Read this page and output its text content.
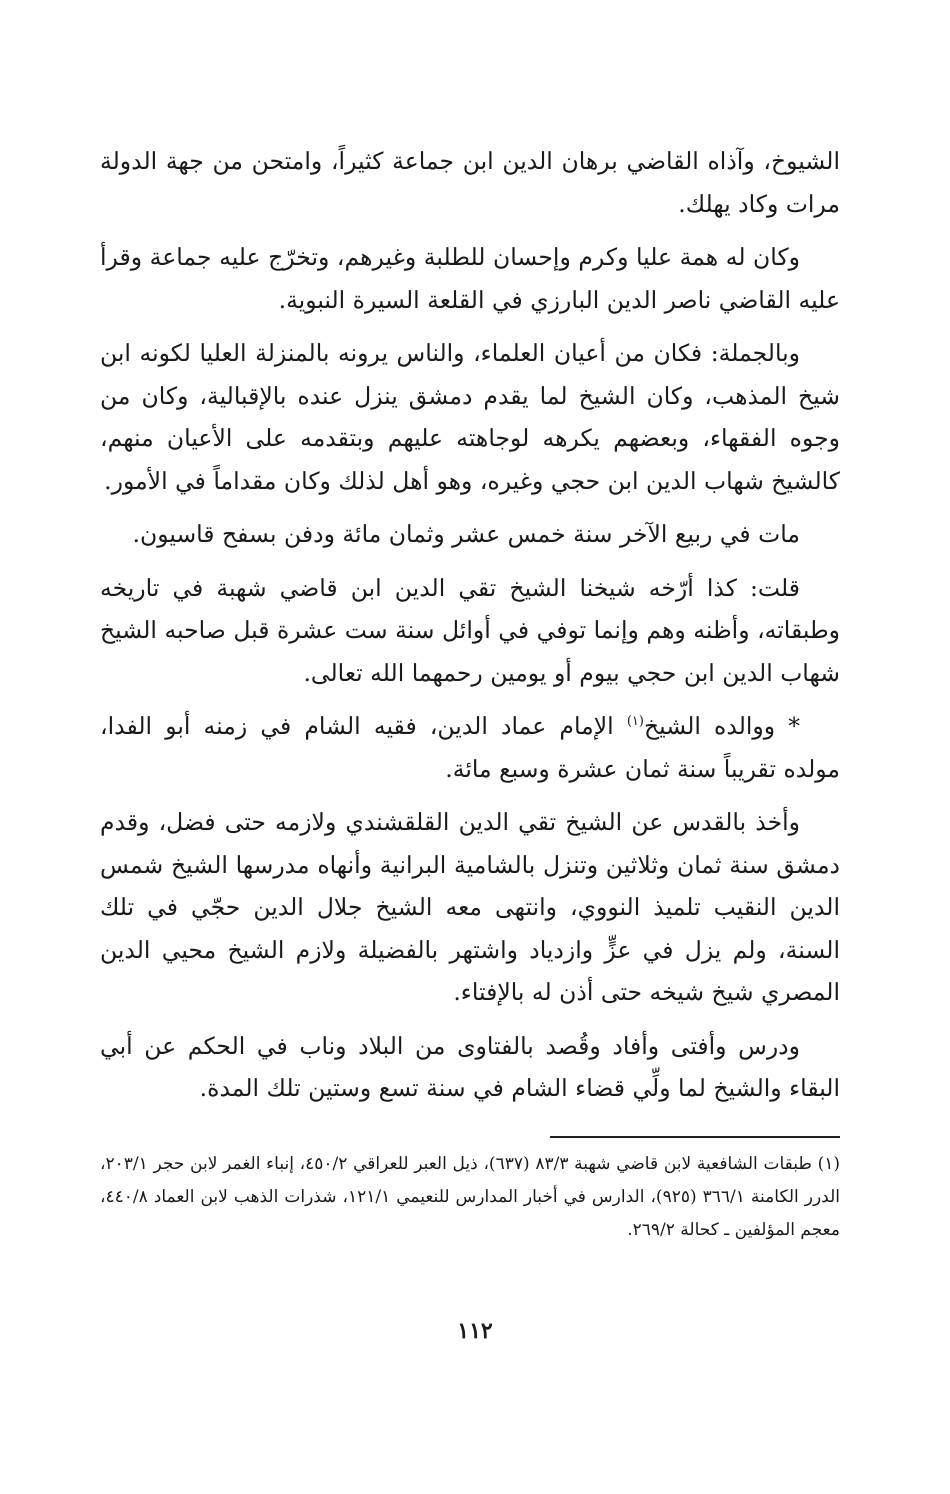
الشيوخ، وآذاه القاضي برهان الدين ابن جماعة كثيراً، وامتحن من جهة الدولة مرات وكاد يهلك.

وكان له همة عليا وكرم وإحسان للطلبة وغيرهم، وتخرّج عليه جماعة وقرأ عليه القاضي ناصر الدين البارزي في القلعة السيرة النبوية.

وبالجملة: فكان من أعيان العلماء، والناس يرونه بالمنزلة العليا لكونه ابن شيخ المذهب، وكان الشيخ لما يقدم دمشق ينزل عنده بالإقبالية، وكان من وجوه الفقهاء، وبعضهم يكرهه لوجاهته عليهم وبتقدمه على الأعيان منهم، كالشيخ شهاب الدين ابن حجي وغيره، وهو أهل لذلك وكان مقداماً في الأمور.

مات في ربيع الآخر سنة خمس عشر وثمان مائة ودفن بسفح قاسيون.

قلت: كذا أرّخه شيخنا الشيخ تقي الدين ابن قاضي شهبة في تاريخه وطبقاته، وأظنه وهم وإنما توفي في أوائل سنة ست عشرة قبل صاحبه الشيخ شهاب الدين ابن حجي بيوم أو يومين رحمهما الله تعالى.

* ووالده الشيخ$^{(١)}$ الإمام عماد الدين، فقيه الشام في زمنه أبو الفدا، مولده تقريباً سنة ثمان عشرة وسبع مائة.

وأخذ بالقدس عن الشيخ تقي الدين القلقشندي ولازمه حتى فضل، وقدم دمشق سنة ثمان وثلاثين وتنزل بالشامية البرانية وأنهاه مدرسها الشيخ شمس الدين النقيب تلميذ النووي، وانتهى معه الشيخ جلال الدين حجّي في تلك السنة، ولم يزل في عزٍّ وازدياد واشتهر بالفضيلة ولازم الشيخ محيي الدين المصري شيخ شيخه حتى أذن له بالإفتاء.

ودرس وأفتى وأفاد وقُصد بالفتاوى من البلاد وناب في الحكم عن أبي البقاء والشيخ لما ولِّي قضاء الشام في سنة تسع وستين تلك المدة.

(١) طبقات الشافعية لابن قاضي شهبة ٨٣/٣ (٦٣٧)، ذيل العبر للعراقي ٤٥٠/٢، إنباء الغمر لابن حجر ٢٠٣/١، الدرر الكامنة ٣٦٦/١ (٩٢٥)، الدارس في أخبار المدارس للنعيمي ١٢١/١، شذرات الذهب لابن العماد ٤٤٠/٨، معجم المؤلفين ـ كحالة ٢٦٩/٢.

١١٢
